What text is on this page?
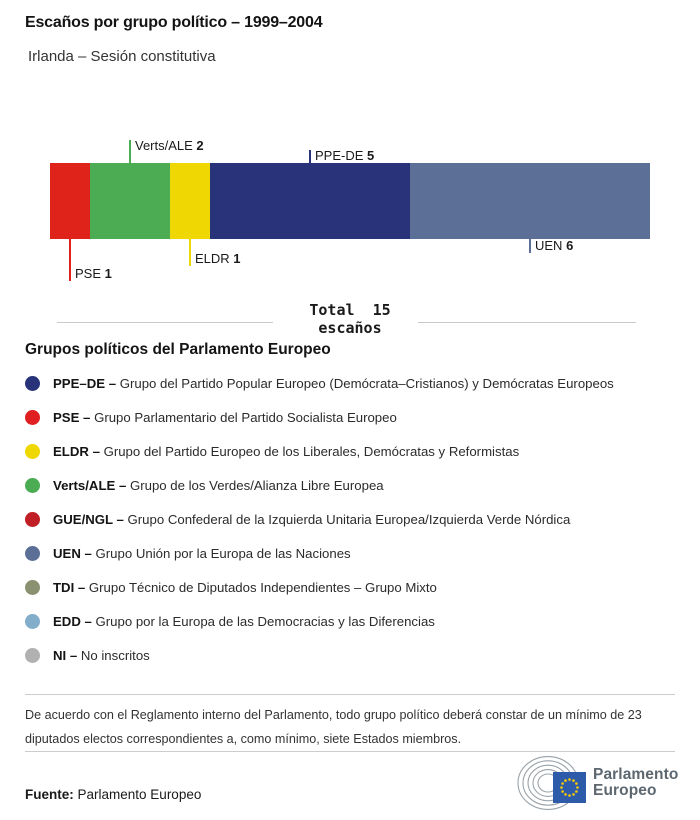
Escaños por grupo político – 1999–2004
Irlanda – Sesión constitutiva
PSE 1
Verts/ALE 2
ELDR 1
PPE-DE 5
UEN 6
Total  15
escaños
Grupos políticos del Parlamento Europeo
PPE–DE – Grupo del Partido Popular Europeo (Demócrata–Cristianos) y Demócratas Europeos
PSE – Grupo Parlamentario del Partido Socialista Europeo
ELDR – Grupo del Partido Europeo de los Liberales, Demócratas y Reformistas
Verts/ALE – Grupo de los Verdes/Alianza Libre Europea
GUE/NGL – Grupo Confederal de la Izquierda Unitaria Europea/Izquierda Verde Nórdica
UEN – Grupo Unión por la Europa de las Naciones
TDI – Grupo Técnico de Diputados Independientes – Grupo Mixto
EDD – Grupo por la Europa de las Democracias y las Diferencias
NI – No inscritos

De acuerdo con el Reglamento interno del Parlamento, todo grupo político deberá constar de un mínimo de 23 diputados electos correspondientes a, como mínimo, siete Estados miembros.

Fuente: Parlamento Europeo
Parlamento
Europeo
